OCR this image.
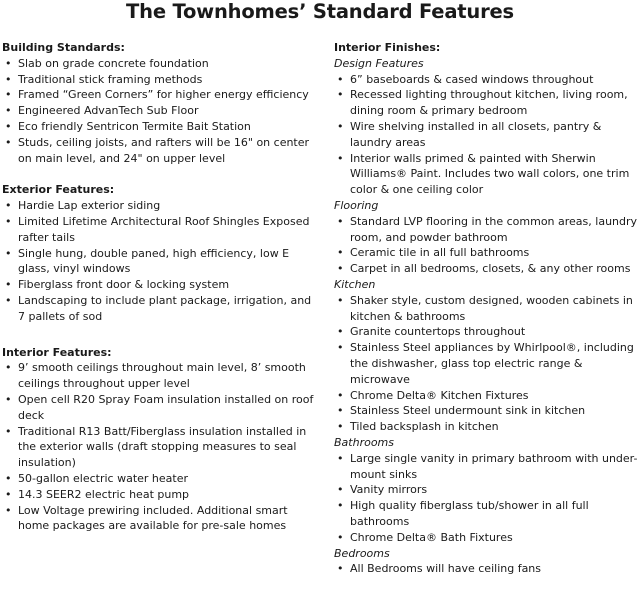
The Townhomes’ Standard Features
Building Standards:
• Slab on grade concrete foundation
• Traditional stick framing methods
• Framed “Green Corners” for higher energy efficiency
• Engineered AdvanTech Sub Floor
• Eco friendly Sentricon Termite Bait Station
• Studs, ceiling joists, and rafters will be 16" on center on main level, and 24" on upper level
Exterior Features:
• Hardie Lap exterior siding
• Limited Lifetime Architectural Roof Shingles Exposed rafter tails
• Single hung, double paned, high efficiency, low E glass, vinyl windows
• Fiberglass front door & locking system
• Landscaping to include plant package, irrigation, and 7 pallets of sod
Interior Features:
• 9’ smooth ceilings throughout main level, 8’ smooth ceilings throughout upper level
• Open cell R20 Spray Foam insulation installed on roof deck
• Traditional R13 Batt/Fiberglass insulation installed in the exterior walls (draft stopping measures to seal insulation)
• 50-gallon electric water heater
• 14.3 SEER2 electric heat pump
• Low Voltage prewiring included. Additional smart home packages are available for pre-sale homes
Interior Finishes:
Design Features
• 6” baseboards & cased windows throughout
• Recessed lighting throughout kitchen, living room, dining room & primary bedroom
• Wire shelving installed in all closets, pantry & laundry areas
• Interior walls primed & painted with Sherwin Williams® Paint. Includes two wall colors, one trim color & one ceiling color
Flooring
• Standard LVP flooring in the common areas, laundry room, and powder bathroom
• Ceramic tile in all full bathrooms
• Carpet in all bedrooms, closets, & any other rooms
Kitchen
• Shaker style, custom designed, wooden cabinets in kitchen & bathrooms
• Granite countertops throughout
• Stainless Steel appliances by Whirlpool®, including the dishwasher, glass top electric range & microwave
• Chrome Delta® Kitchen Fixtures
• Stainless Steel undermount sink in kitchen
• Tiled backsplash in kitchen
Bathrooms
• Large single vanity in primary bathroom with under-mount sinks
• Vanity mirrors
• High quality fiberglass tub/shower in all full bathrooms
• Chrome Delta® Bath Fixtures
Bedrooms
• All Bedrooms will have ceiling fans
